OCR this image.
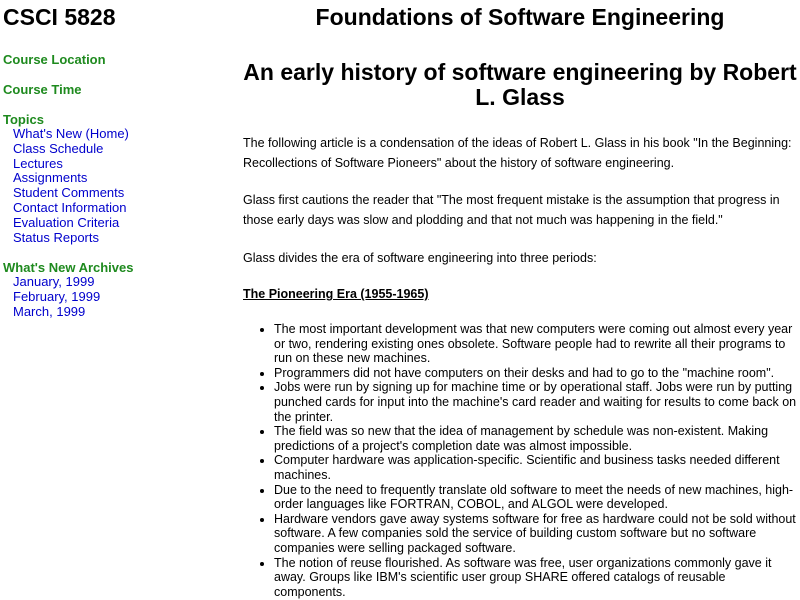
CSCI 5828
Course Location
Course Time
Topics
What's New (Home)
Class Schedule
Lectures
Assignments
Student Comments
Contact Information
Evaluation Criteria
Status Reports
What's New Archives
January, 1999
February, 1999
March, 1999
Foundations of Software Engineering
An early history of software engineering by Robert L. Glass

The following article is a condensation of the ideas of Robert L. Glass in his book "In the Beginning: Recollections of Software Pioneers" about the history of software engineering.

Glass first cautions the reader that "The most frequent mistake is the assumption that progress in those early days was slow and plodding and that not much was happening in the field."

Glass divides the era of software engineering into three periods:

The Pioneering Era (1955-1965)
• The most important development was that new computers were coming out almost every year or two, rendering existing ones obsolete. Software people had to rewrite all their programs to run on these new machines.
• Programmers did not have computers on their desks and had to go to the "machine room".
• Jobs were run by signing up for machine time or by operational staff. Jobs were run by putting punched cards for input into the machine's card reader and waiting for results to come back on the printer.
• The field was so new that the idea of management by schedule was non-existent. Making predictions of a project's completion date was almost impossible.
• Computer hardware was application-specific. Scientific and business tasks needed different machines.
• Due to the need to frequently translate old software to meet the needs of new machines, high-order languages like FORTRAN, COBOL, and ALGOL were developed.
• Hardware vendors gave away systems software for free as hardware could not be sold without software. A few companies sold the service of building custom software but no software companies were selling packaged software.
• The notion of reuse flourished. As software was free, user organizations commonly gave it away. Groups like IBM's scientific user group SHARE offered catalogs of reusable components.
